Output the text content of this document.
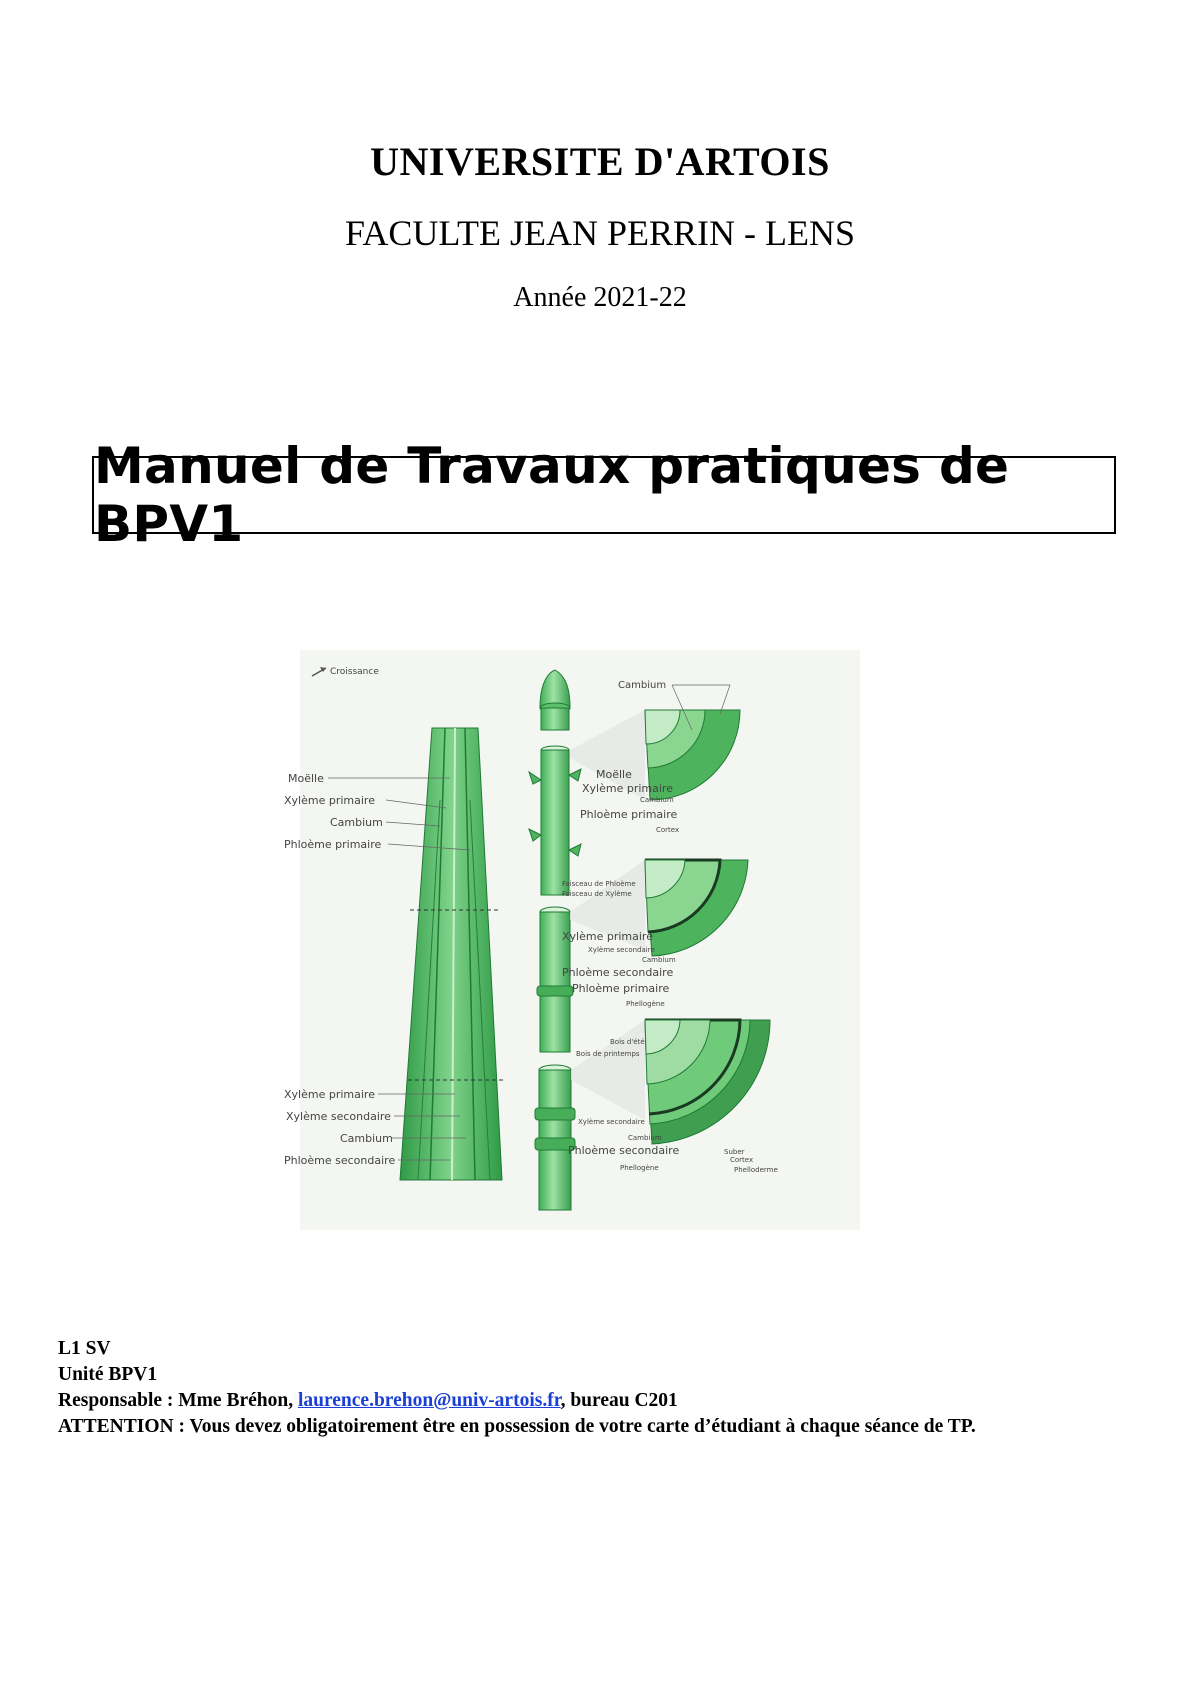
UNIVERSITE D'ARTOIS
FACULTE JEAN PERRIN - LENS
Année 2021-22
Manuel de Travaux pratiques de BPV1
Croissance
Moëlle
Xylème primaire
Cambium
Phloème primaire
Xylème primaire
Xylème secondaire
Cambium
Phloème secondaire
Cambium
Moëlle
Xylème primaire
Cambium
Phloème primaire
Cortex
Faisceau de Phloème
Faisceau de Xylème
Xylème primaire
Xylème secondaire
Cambium
Phloème secondaire
Phloème primaire
Phellogène
Bois d'été
Bois de printemps
Xylème secondaire
Cambium
Phloème secondaire
Phellogène
Suber
Cortex
Phelloderme
L1 SV
Unité BPV1
Responsable : Mme Bréhon, laurence.brehon@univ-artois.fr, bureau C201
ATTENTION : Vous devez obligatoirement être en possession de votre carte d’étudiant à chaque séance de TP.
